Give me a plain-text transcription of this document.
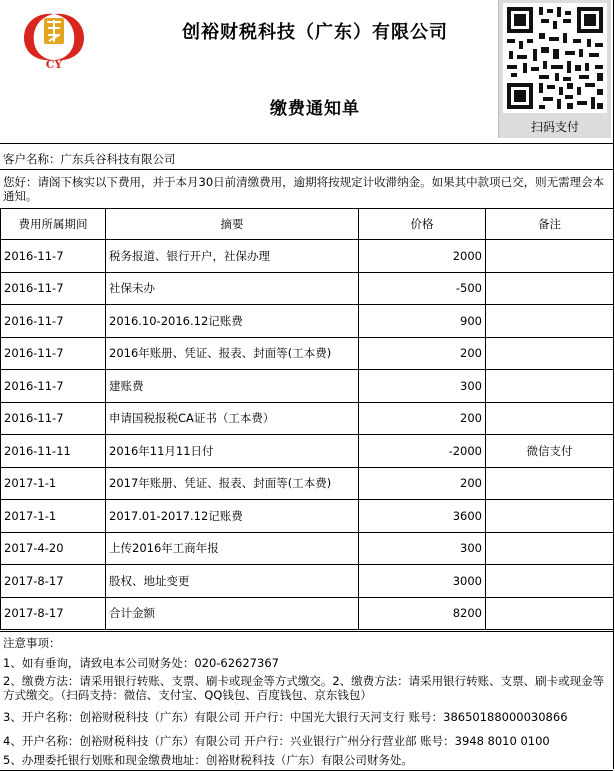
CY
创裕财税科技（广东）有限公司
缴费通知单
扫码支付
客户名称：广东兵谷科技有限公司
您好：请阁下核实以下费用，并于本月30日前清缴费用，逾期将按规定计收滞纳金。如果其中款项已交，则无需理会本通知。
费用所属期间	摘要	价格	备注
2016-11-7	税务报道、银行开户，社保办理	2000	
2016-11-7	社保未办	-500	
2016-11-7	2016.10-2016.12记账费	900	
2016-11-7	2016年账册、凭证、报表、封面等(工本费)	200	
2016-11-7	建账费	300	
2016-11-7	申请国税报税CA证书（工本费）	200	
2016-11-11	2016年11月11日付	-2000	微信支付
2017-1-1	2017年账册、凭证、报表、封面等(工本费)	200	
2017-1-1	2017.01-2017.12记账费	3600	
2017-4-20	上传2016年工商年报	300	
2017-8-17	股权、地址变更	3000	
2017-8-17	合计金额	8200	
注意事项：
1、如有垂询，请致电本公司财务处：020-62627367
2、缴费方法：请采用银行转账、支票、刷卡或现金等方式缴交。2、缴费方法：请采用银行转账、支票、刷卡或现金等方式缴交。（扫码支持：微信、支付宝、QQ钱包、百度钱包、京东钱包）
3、开户名称：创裕财税科技（广东）有限公司 开户行：中国光大银行天河支行 账号：38650188000030866
4、开户名称：创裕财税科技（广东）有限公司 开户行：兴业银行广州分行营业部 账号：3948 8010 0100
5、办理委托银行划账和现金缴费地址：创裕财税科技（广东）有限公司财务处。
